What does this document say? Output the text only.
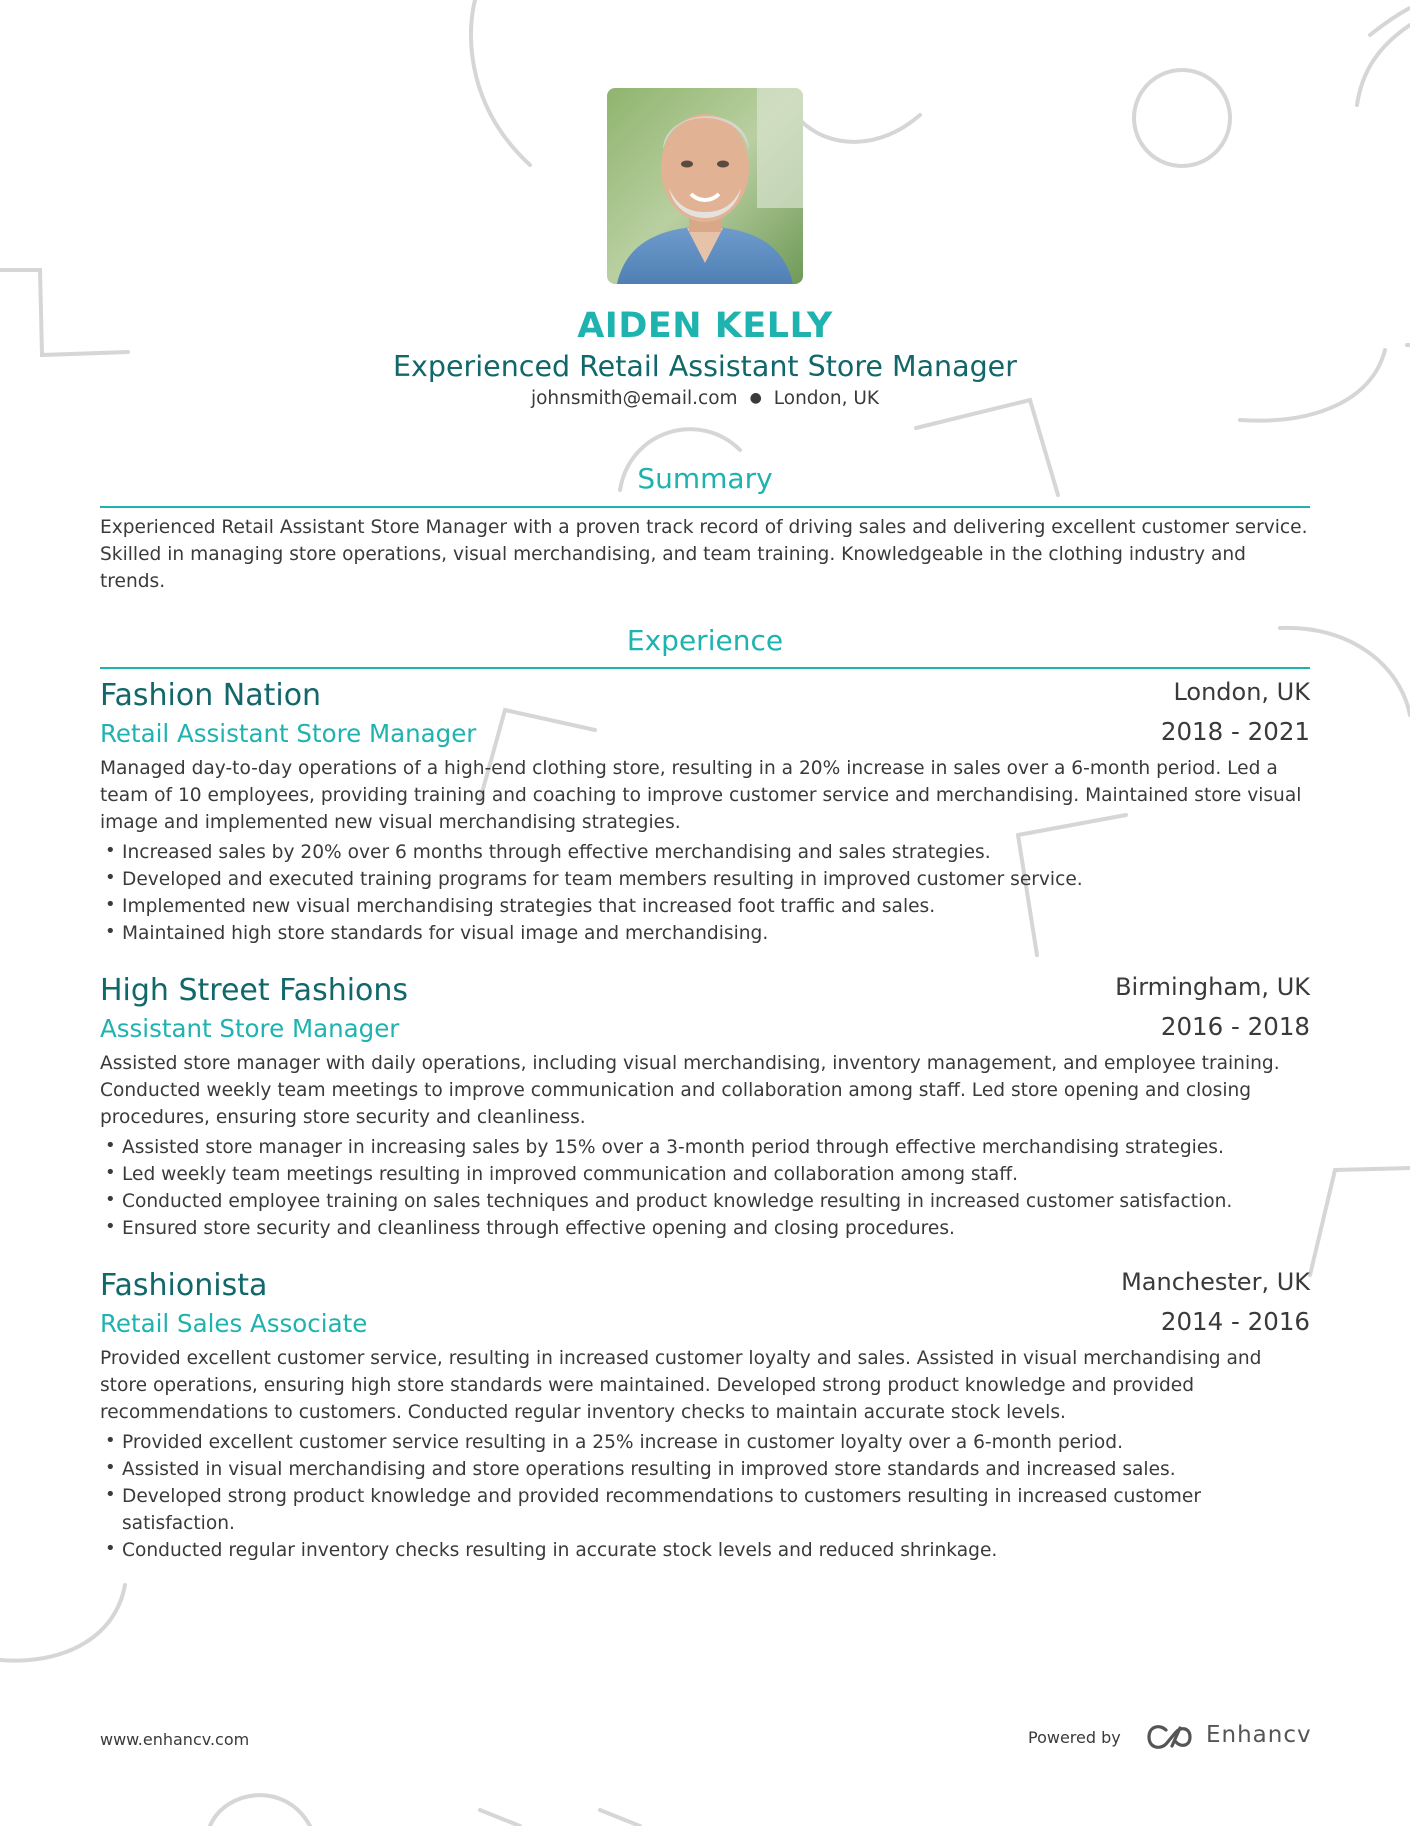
AIDEN KELLY
Experienced Retail Assistant Store Manager
johnsmith@email.com ● London, UK
Summary
Experienced Retail Assistant Store Manager with a proven track record of driving sales and delivering excellent customer service. Skilled in managing store operations, visual merchandising, and team training. Knowledgeable in the clothing industry and trends.
Experience
Fashion Nation	London, UK
Retail Assistant Store Manager	2018 - 2021
Managed day-to-day operations of a high-end clothing store, resulting in a 20% increase in sales over a 6-month period. Led a team of 10 employees, providing training and coaching to improve customer service and merchandising. Maintained store visual image and implemented new visual merchandising strategies.
• Increased sales by 20% over 6 months through effective merchandising and sales strategies.
• Developed and executed training programs for team members resulting in improved customer service.
• Implemented new visual merchandising strategies that increased foot traffic and sales.
• Maintained high store standards for visual image and merchandising.
High Street Fashions	Birmingham, UK
Assistant Store Manager	2016 - 2018
Assisted store manager with daily operations, including visual merchandising, inventory management, and employee training. Conducted weekly team meetings to improve communication and collaboration among staff. Led store opening and closing procedures, ensuring store security and cleanliness.
• Assisted store manager in increasing sales by 15% over a 3-month period through effective merchandising strategies.
• Led weekly team meetings resulting in improved communication and collaboration among staff.
• Conducted employee training on sales techniques and product knowledge resulting in increased customer satisfaction.
• Ensured store security and cleanliness through effective opening and closing procedures.
Fashionista	Manchester, UK
Retail Sales Associate	2014 - 2016
Provided excellent customer service, resulting in increased customer loyalty and sales. Assisted in visual merchandising and store operations, ensuring high store standards were maintained. Developed strong product knowledge and provided recommendations to customers. Conducted regular inventory checks to maintain accurate stock levels.
• Provided excellent customer service resulting in a 25% increase in customer loyalty over a 6-month period.
• Assisted in visual merchandising and store operations resulting in improved store standards and increased sales.
• Developed strong product knowledge and provided recommendations to customers resulting in increased customer satisfaction.
• Conducted regular inventory checks resulting in accurate stock levels and reduced shrinkage.
www.enhancv.com	Powered by	Enhancv
